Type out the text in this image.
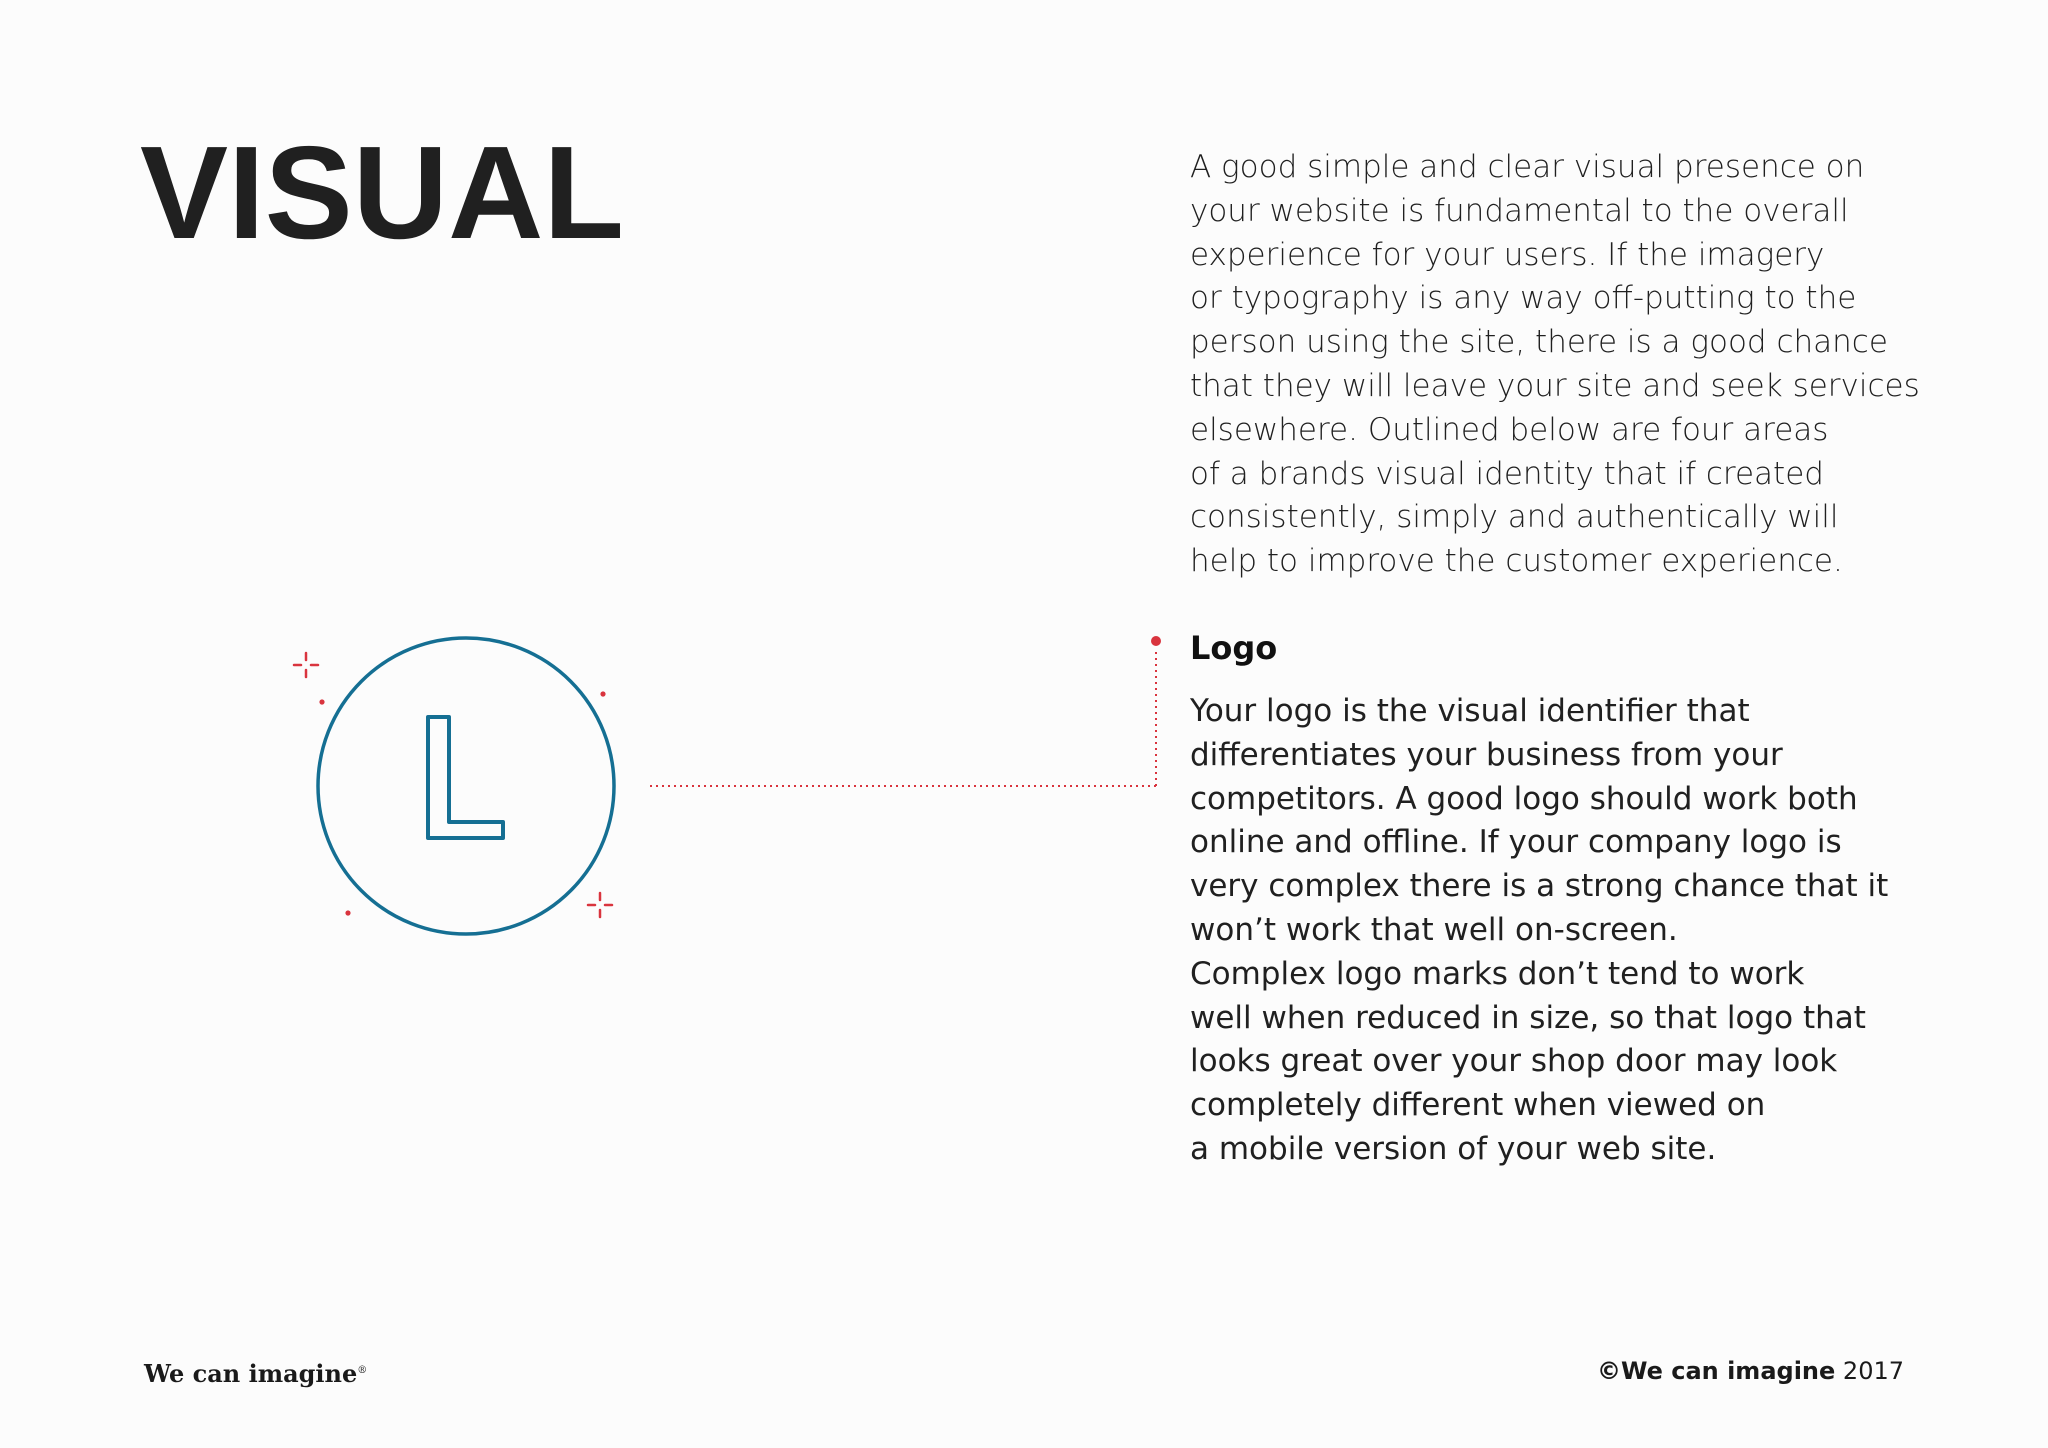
VISUAL	A good simple and clear visual presence on
your website is fundamental to the overall
experience for your users. If the imagery
or typography is any way off-putting to the
person using the site, there is a good chance
that they will leave your site and seek services
elsewhere. Outlined below are four areas
of a brands visual identity that if created
consistently, simply and authentically will
help to improve the customer experience.

Logo

Your logo is the visual identifier that
differentiates your business from your
competitors. A good logo should work both
online and offline. If your company logo is
very complex there is a strong chance that it
won’t work that well on-screen.
Complex logo marks don’t tend to work
well when reduced in size, so that logo that
looks great over your shop door may look
completely different when viewed on
a mobile version of your web site.

We can imagine®	©We can imagine 2017
